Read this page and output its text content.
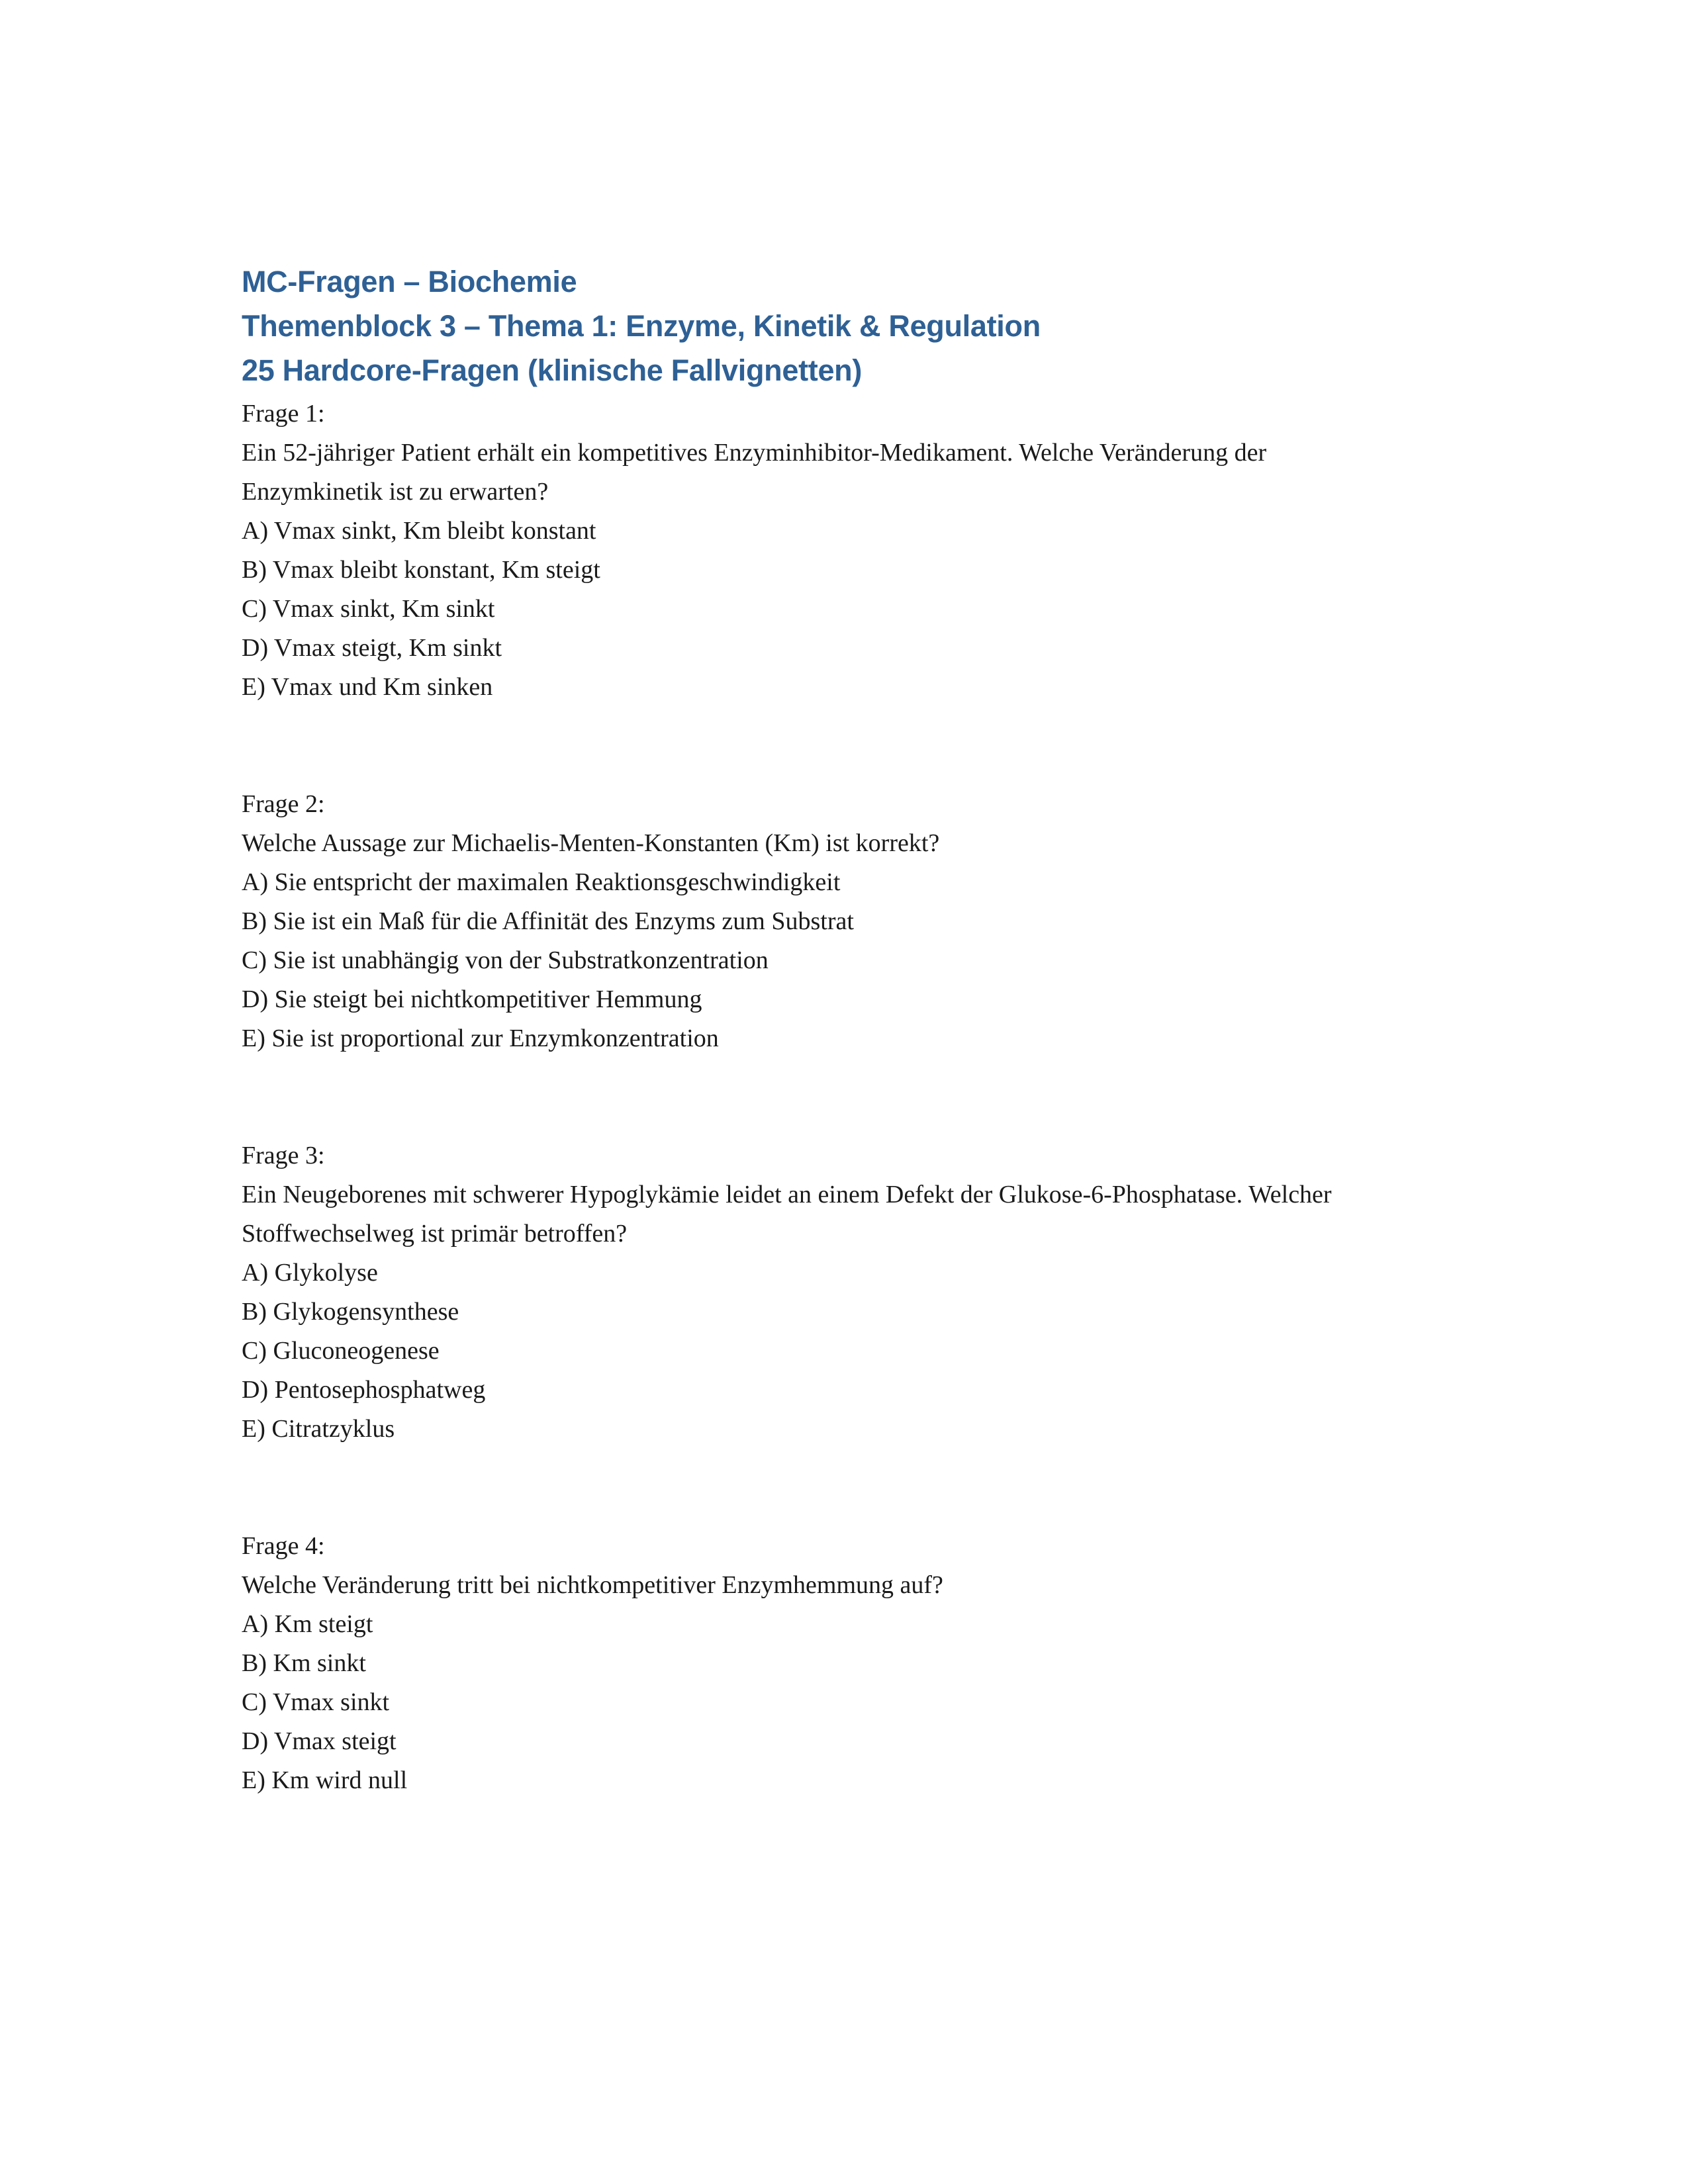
MC-Fragen – Biochemie
Themenblock 3 – Thema 1: Enzyme, Kinetik & Regulation
25 Hardcore-Fragen (klinische Fallvignetten)
Frage 1:
Ein 52-jähriger Patient erhält ein kompetitives Enzyminhibitor-Medikament. Welche Veränderung der Enzymkinetik ist zu erwarten?
A) Vmax sinkt, Km bleibt konstant
B) Vmax bleibt konstant, Km steigt
C) Vmax sinkt, Km sinkt
D) Vmax steigt, Km sinkt
E) Vmax und Km sinken
Frage 2:
Welche Aussage zur Michaelis-Menten-Konstanten (Km) ist korrekt?
A) Sie entspricht der maximalen Reaktionsgeschwindigkeit
B) Sie ist ein Maß für die Affinität des Enzyms zum Substrat
C) Sie ist unabhängig von der Substratkonzentration
D) Sie steigt bei nichtkompetitiver Hemmung
E) Sie ist proportional zur Enzymkonzentration
Frage 3:
Ein Neugeborenes mit schwerer Hypoglykämie leidet an einem Defekt der Glukose-6-Phosphatase. Welcher Stoffwechselweg ist primär betroffen?
A) Glykolyse
B) Glykogensynthese
C) Gluconeogenese
D) Pentosephosphatweg
E) Citratzyklus
Frage 4:
Welche Veränderung tritt bei nichtkompetitiver Enzymhemmung auf?
A) Km steigt
B) Km sinkt
C) Vmax sinkt
D) Vmax steigt
E) Km wird null
